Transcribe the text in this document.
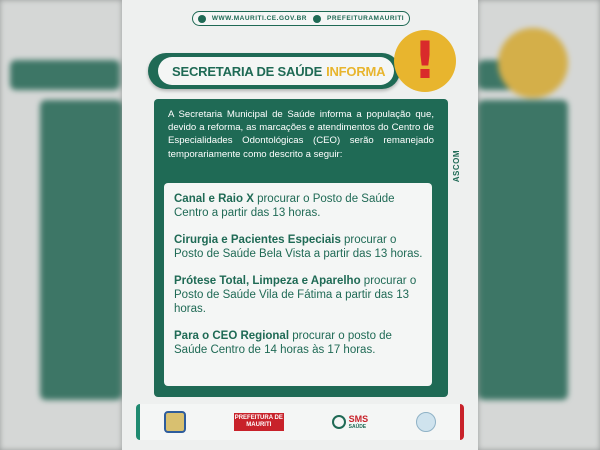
WWW.MAURITI.CE.GOV.BR	PREFEITURAMAURITI
SECRETARIA DE SAÚDE INFORMA !
A Secretaria Municipal de Saúde informa a população que, devido a reforma, as marcações e atendimentos do Centro de Especialidades Odontológicas (CEO) serão remanejado temporariamente como descrito a seguir:	ASCOM
Canal e Raio X procurar o Posto de Saúde Centro a partir das 13 horas.
Cirurgia e Pacientes Especiais procurar o Posto de Saúde Bela Vista a partir das 13 horas.
Prótese Total, Limpeza e Aparelho procurar o Posto de Saúde Vila de Fátima a partir das 13 horas.
Para o CEO Regional procurar o posto de Saúde Centro de 14 horas às 17 horas.
PREFEITURA DE
MAURITI
SMS
SAÚDE
